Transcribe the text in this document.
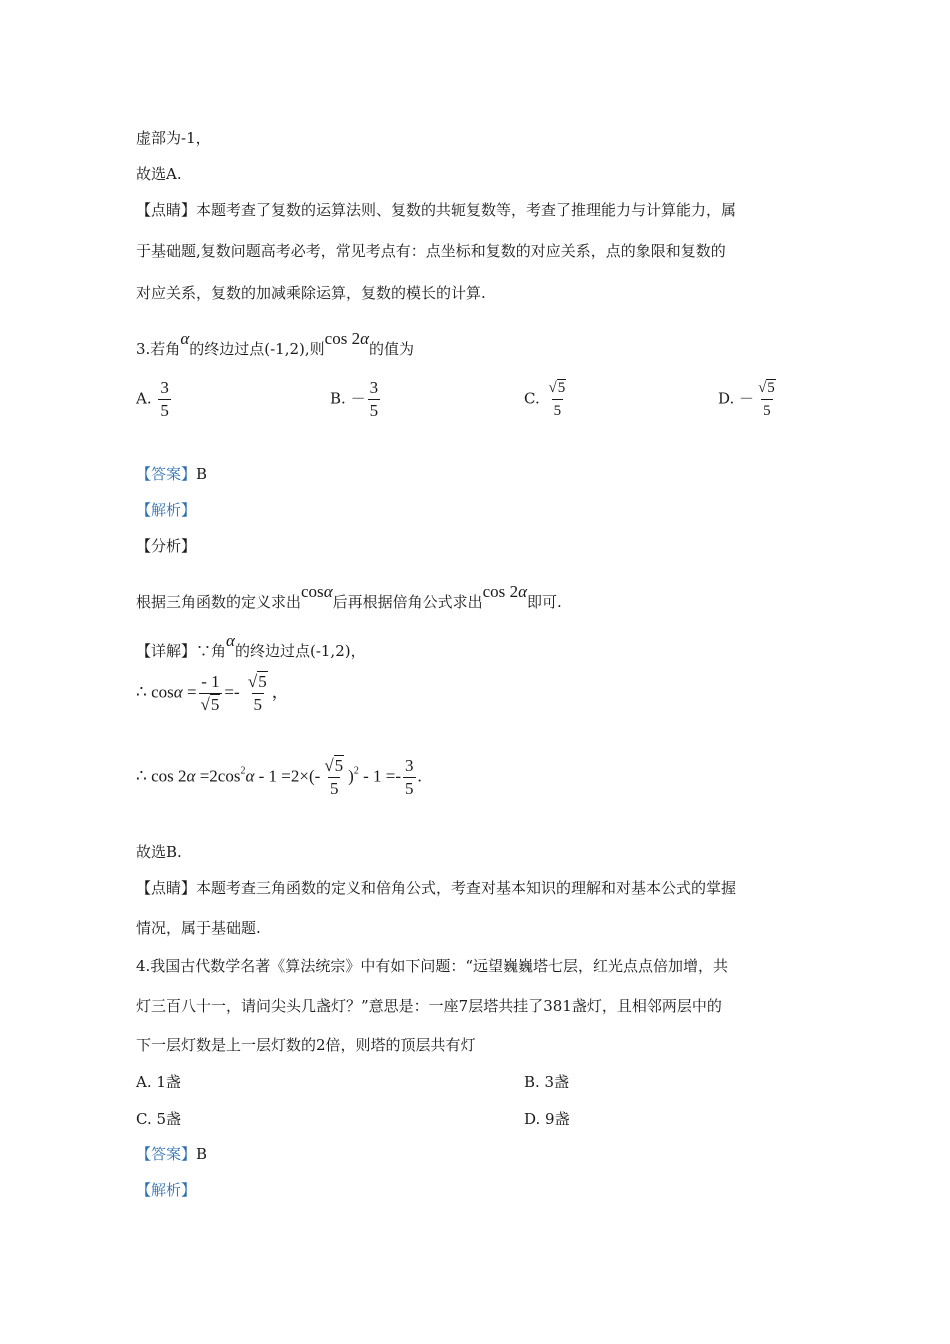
虚部为-1，
故选A.
【点睛】本题考查了复数的运算法则、复数的共轭复数等，考查了推理能力与计算能力，属
于基础题,复数问题高考必考，常见考点有：点坐标和复数的对应关系，点的象限和复数的
对应关系，复数的加减乘除运算，复数的模长的计算.
3.若角α的终边过点(-1,2),则cos 2α的值为
A. $\frac{3}{5}$	B. － $\frac{3}{5}$	C. $\frac{√5}{5}$	D. － $\frac{√5}{5}$
【答案】B
【解析】
【分析】
根据三角函数的定义求出cosα后再根据倍角公式求出cos 2α即可.
【详解】∵角α的终边过点(-1,2)，
∴ $\cos\alpha = \frac{- 1}{√5} =- \frac{√5}{5}$ ，
∴ $\cos 2\alpha =2\cos^2\alpha - 1 =2\times(- \frac{√5}{5} )^2 - 1 =- \frac{3}{5}$ .
故选B.
【点睛】本题考查三角函数的定义和倍角公式，考查对基本知识的理解和对基本公式的掌握
情况，属于基础题.
4.我国古代数学名著《算法统宗》中有如下问题：“远望巍巍塔七层，红光点点倍加增，共
灯三百八十一，请问尖头几盏灯？”意思是：一座7层塔共挂了381盏灯，且相邻两层中的
下一层灯数是上一层灯数的2倍，则塔的顶层共有灯
A. 1盏	B. 3盏
C. 5盏	D. 9盏
【答案】B
【解析】
